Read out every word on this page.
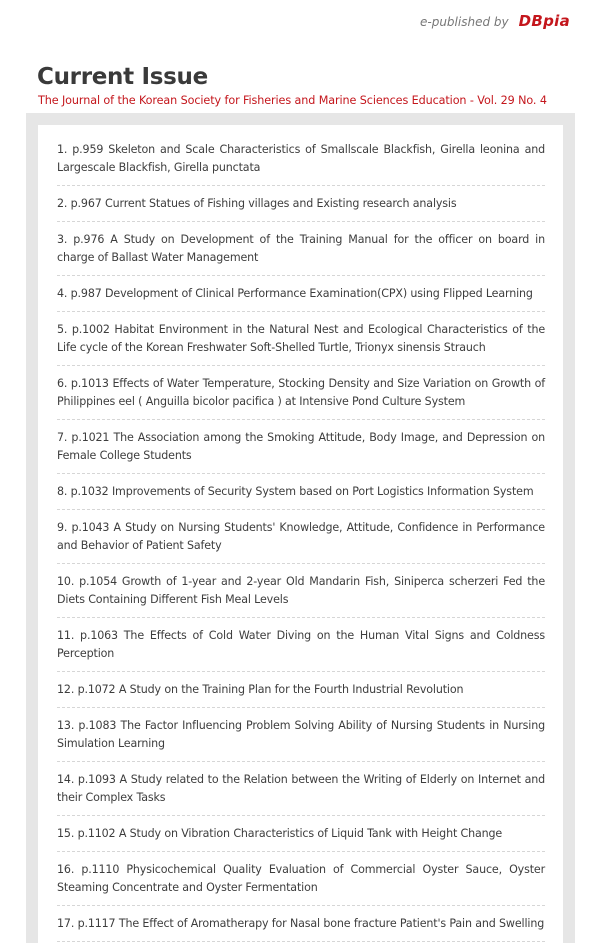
e-published by DBpia
Current Issue
The Journal of the Korean Society for Fisheries and Marine Sciences Education - Vol. 29 No. 4
1. p.959 Skeleton and Scale Characteristics of Smallscale Blackfish, Girella leonina and Largescale Blackfish, Girella punctata
2. p.967 Current Statues of Fishing villages and Existing research analysis
3. p.976 A Study on Development of the Training Manual for the officer on board in charge of Ballast Water Management
4. p.987 Development of Clinical Performance Examination(CPX) using Flipped Learning
5. p.1002 Habitat Environment in the Natural Nest and Ecological Characteristics of the Life cycle of the Korean Freshwater Soft-Shelled Turtle, Trionyx sinensis Strauch
6. p.1013 Effects of Water Temperature, Stocking Density and Size Variation on Growth of Philippines eel ( Anguilla bicolor pacifica ) at Intensive Pond Culture System
7. p.1021 The Association among the Smoking Attitude, Body Image, and Depression on Female College Students
8. p.1032 Improvements of Security System based on Port Logistics Information System
9. p.1043 A Study on Nursing Students' Knowledge, Attitude, Confidence in Performance and Behavior of Patient Safety
10. p.1054 Growth of 1-year and 2-year Old Mandarin Fish, Siniperca scherzeri Fed the Diets Containing Different Fish Meal Levels
11. p.1063 The Effects of Cold Water Diving on the Human Vital Signs and Coldness Perception
12. p.1072 A Study on the Training Plan for the Fourth Industrial Revolution
13. p.1083 The Factor Influencing Problem Solving Ability of Nursing Students in Nursing Simulation Learning
14. p.1093 A Study related to the Relation between the Writing of Elderly on Internet and their Complex Tasks
15. p.1102 A Study on Vibration Characteristics of Liquid Tank with Height Change
16. p.1110 Physicochemical Quality Evaluation of Commercial Oyster Sauce, Oyster Steaming Concentrate and Oyster Fermentation
17. p.1117 The Effect of Aromatherapy for Nasal bone fracture Patient's Pain and Swelling
